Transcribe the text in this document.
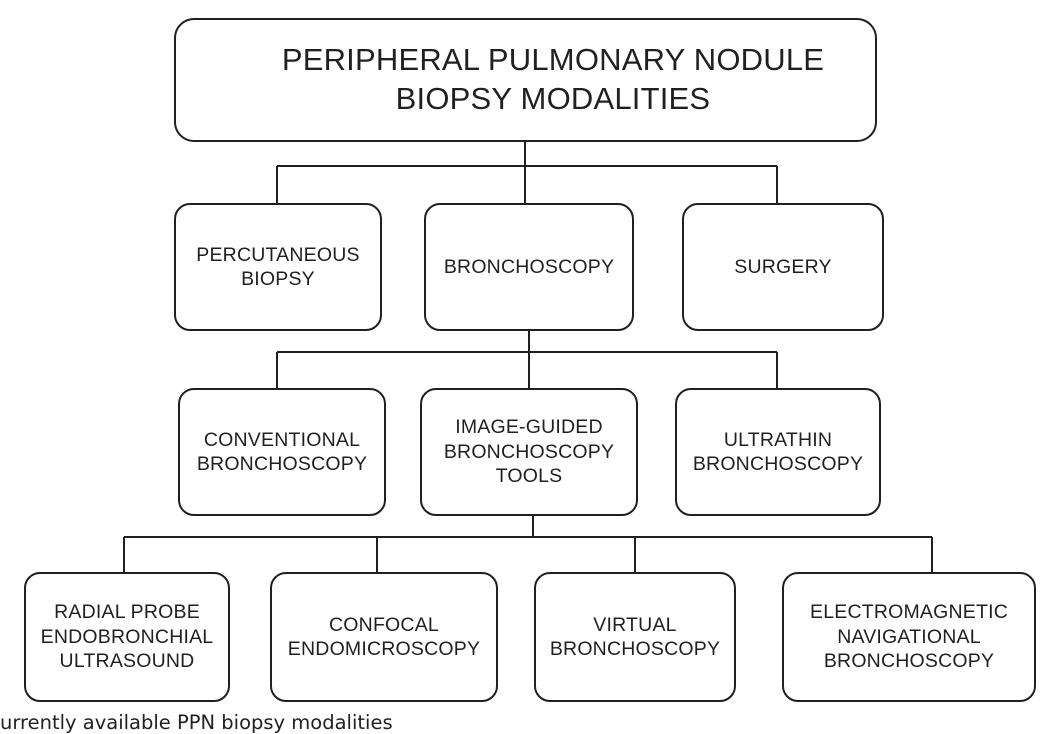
PERIPHERAL PULMONARY NODULE
BIOPSY MODALITIES
PERCUTANEOUS
BIOPSY
BRONCHOSCOPY	SURGERY
CONVENTIONAL
BRONCHOSCOPY
IMAGE-GUIDED
BRONCHOSCOPY
TOOLS
ULTRATHIN
BRONCHOSCOPY
RADIAL PROBE
ENDOBRONCHIAL
ULTRASOUND
CONFOCAL
ENDOMICROSCOPY
VIRTUAL
BRONCHOSCOPY
ELECTROMAGNETIC
NAVIGATIONAL
BRONCHOSCOPY
urrently available PPN biopsy modalities
